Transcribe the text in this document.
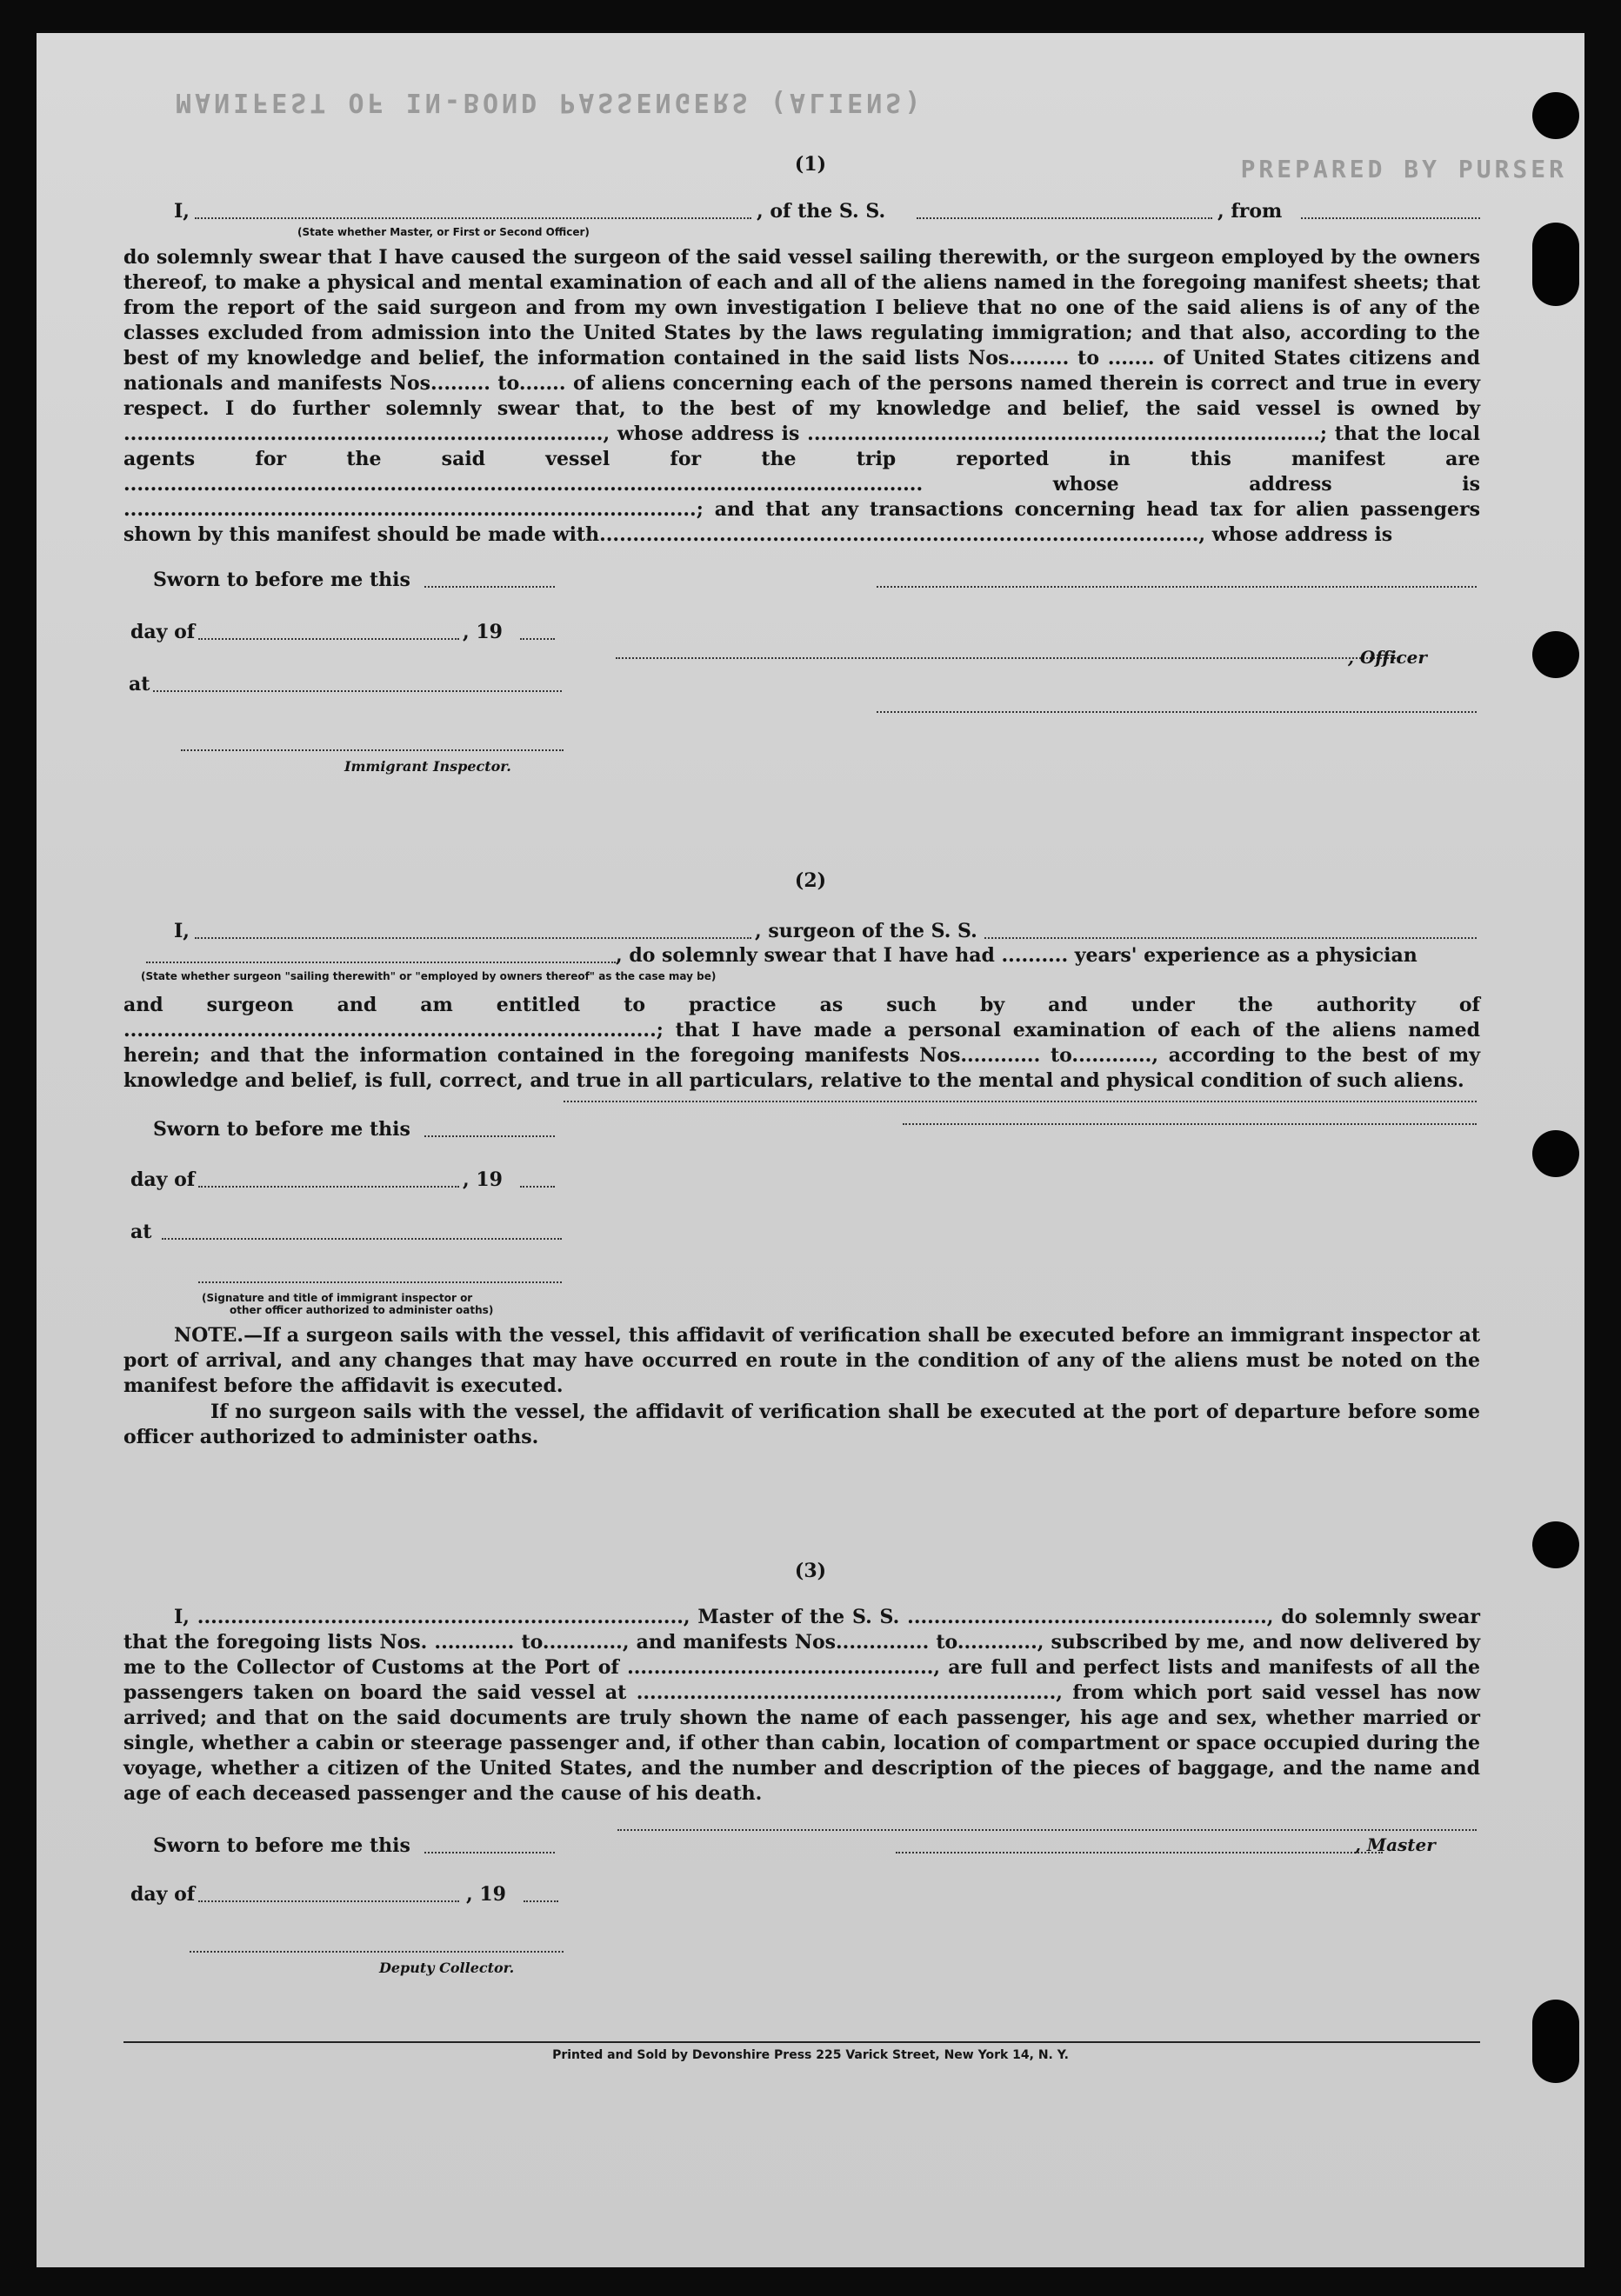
MANIFEST OF IN-BOND PASSENGERS (ALIENS)
PREPARED BY PURSER
(1)
I,	, of the S. S.	, from
(State whether Master, or First or Second Officer)
do solemnly swear that I have caused the surgeon of the said vessel sailing therewith, or the surgeon employed by the owners thereof, to make a physical and mental examination of each and all of the aliens named in the foregoing manifest sheets; that from the report of the said surgeon and from my own investigation I believe that no one of the said aliens is of any of the classes excluded from admission into the United States by the laws regulating immigration; and that also, according to the best of my knowledge and belief, the information contained in the said lists Nos......... to ....... of United States citizens and nationals and manifests Nos......... to....... of aliens concerning each of the persons named therein is correct and true in every respect. I do further solemnly swear that, to the best of my knowledge and belief, the said vessel is owned by ........................................................................, whose address is .............................................................................; that the local agents for the said vessel for the trip reported in this manifest are ........................................................................................................................ whose address is ......................................................................................; and that any transactions concerning head tax for alien passengers shown by this manifest should be made with.........................................................................................., whose address is
Sworn to before me this
day of	, 19
, Officer
at
Immigrant Inspector.
(2)
I,	, surgeon of the S. S.
, do solemnly swear that I have had .......... years' experience as a physician
(State whether surgeon "sailing therewith" or "employed by owners thereof" as the case may be)
and surgeon and am entitled to practice as such by and under the authority of ................................................................................; that I have made a personal examination of each of the aliens named herein; and that the information contained in the foregoing manifests Nos............ to............, according to the best of my knowledge and belief, is full, correct, and true in all particulars, relative to the mental and physical condition of such aliens.
Sworn to before me this
day of	, 19
at
(Signature and title of immigrant inspector or
other officer authorized to administer oaths)
NOTE.—If a surgeon sails with the vessel, this affidavit of verification shall be executed before an immigrant inspector at port of arrival, and any changes that may have occurred en route in the condition of any of the aliens must be noted on the manifest before the affidavit is executed.
If no surgeon sails with the vessel, the affidavit of verification shall be executed at the port of departure before some officer authorized to administer oaths.
(3)
I, ........................................................................., Master of the S. S. ......................................................, do solemnly swear that the foregoing lists Nos. ............ to............, and manifests Nos.............. to............, subscribed by me, and now delivered by me to the Collector of Customs at the Port of .............................................., are full and perfect lists and manifests of all the passengers taken on board the said vessel at ..............................................................., from which port said vessel has now arrived; and that on the said documents are truly shown the name of each passenger, his age and sex, whether married or single, whether a cabin or steerage passenger and, if other than cabin, location of compartment or space occupied during the voyage, whether a citizen of the United States, and the number and description of the pieces of baggage, and the name and age of each deceased passenger and the cause of his death.
Sworn to before me this	, Master
day of	, 19
Deputy Collector.
Printed and Sold by Devonshire Press 225 Varick Street, New York 14, N. Y.
